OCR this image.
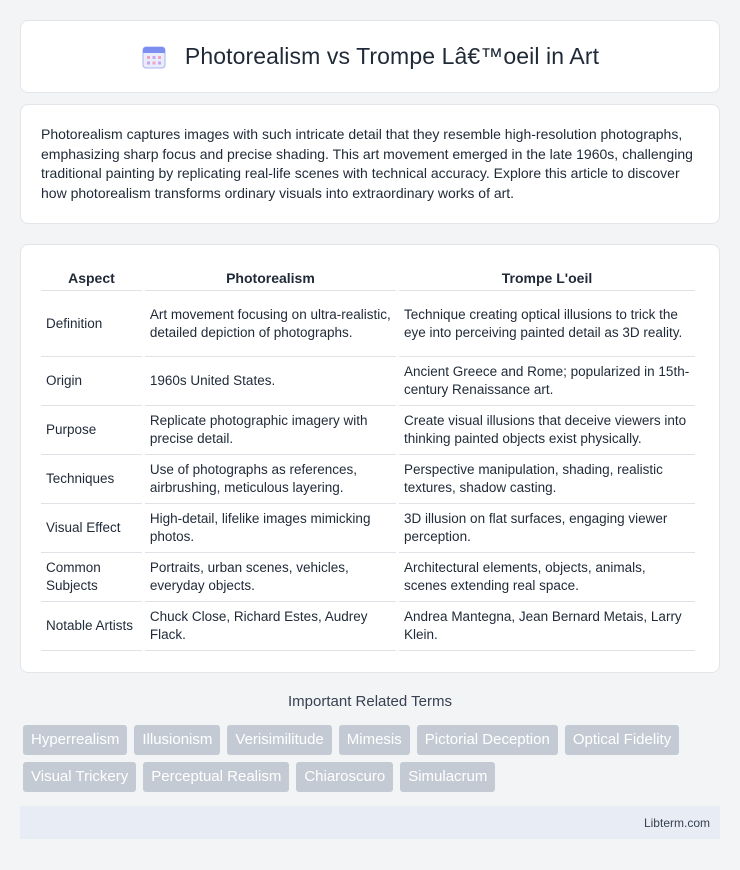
Photorealism vs Trompe Lâ€™oeil in Art

Photorealism captures images with such intricate detail that they resemble high-resolution photographs, emphasizing sharp focus and precise shading. This art movement emerged in the late 1960s, challenging traditional painting by replicating real-life scenes with technical accuracy. Explore this article to discover how photorealism transforms ordinary visuals into extraordinary works of art.

Aspect	Photorealism	Trompe L'oeil
Definition	Art movement focusing on ultra-realistic, detailed depiction of photographs.	Technique creating optical illusions to trick the eye into perceiving painted detail as 3D reality.
Origin	1960s United States.	Ancient Greece and Rome; popularized in 15th-century Renaissance art.
Purpose	Replicate photographic imagery with precise detail.	Create visual illusions that deceive viewers into thinking painted objects exist physically.
Techniques	Use of photographs as references, airbrushing, meticulous layering.	Perspective manipulation, shading, realistic textures, shadow casting.
Visual Effect	High-detail, lifelike images mimicking photos.	3D illusion on flat surfaces, engaging viewer perception.
Common Subjects	Portraits, urban scenes, vehicles, everyday objects.	Architectural elements, objects, animals, scenes extending real space.
Notable Artists	Chuck Close, Richard Estes, Audrey Flack.	Andrea Mantegna, Jean Bernard Metais, Larry Klein.
Important Related Terms
Hyperrealism	Illusionism	Verisimilitude	Mimesis	Pictorial Deception	Optical Fidelity
Visual Trickery	Perceptual Realism	Chiaroscuro	Simulacrum
Libterm.com
